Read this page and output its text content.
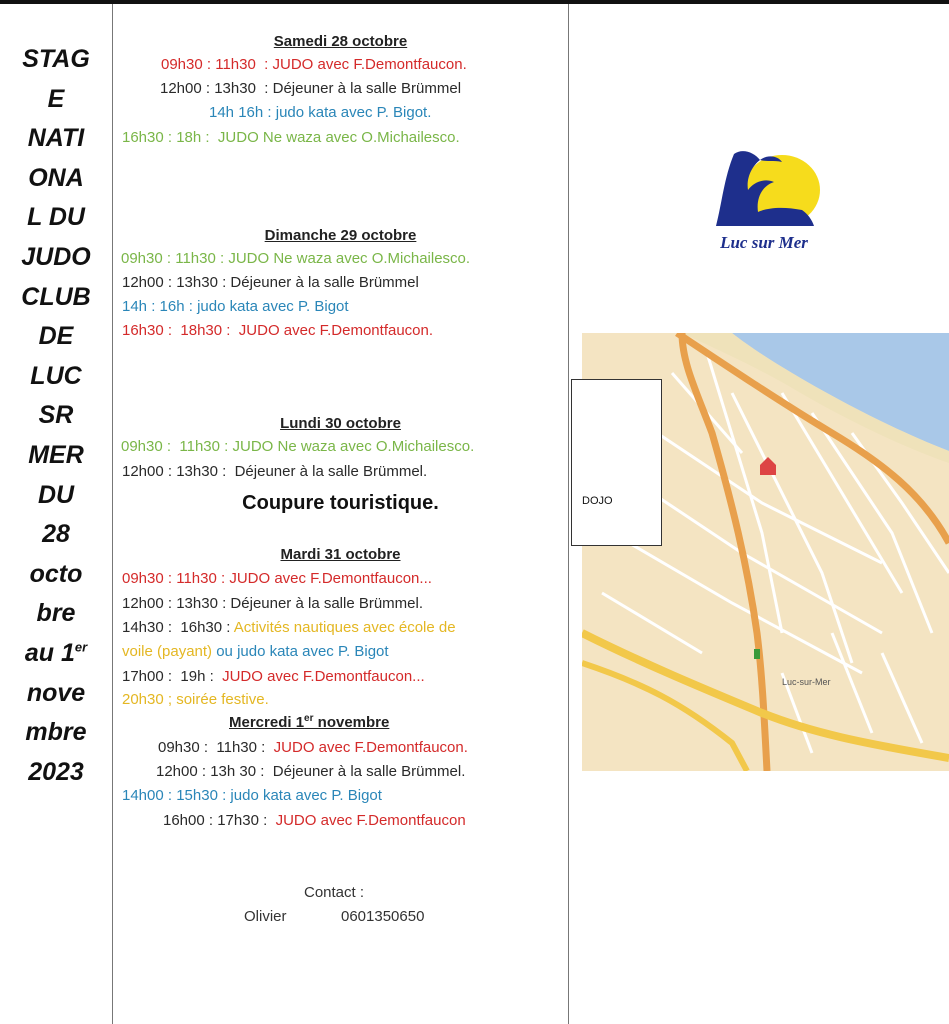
STAG
E
NATI
ONA
L DU
JUDO
CLUB
DE
LUC
SR
MER
DU
28
octo
bre
au 1er
nove
mbre
2023
Samedi 28 octobre
09h30 : 11h30  : JUDO avec F.Demontfaucon.
12h00 : 13h30  : Déjeuner à la salle Brümmel
14h 16h : judo kata avec P. Bigot.
16h30 : 18h :  JUDO Ne waza avec O.Michailesco.
Dimanche 29 octobre
09h30 : 11h30 : JUDO Ne waza avec O.Michailesco.
12h00 : 13h30 : Déjeuner à la salle Brümmel
14h : 16h : judo kata avec P. Bigot
16h30 :  18h30 :  JUDO avec F.Demontfaucon.
Lundi 30 octobre
09h30 :  11h30 : JUDO Ne waza avec O.Michailesco.
12h00 : 13h30 :  Déjeuner à la salle Brümmel.
Coupure touristique.
Mardi 31 octobre
09h30 : 11h30 : JUDO avec F.Demontfaucon...
12h00 : 13h30 : Déjeuner à la salle Brümmel.
14h30 :  16h30 : Activités nautiques avec école de
voile (payant) ou judo kata avec P. Bigot
17h00 :  19h :  JUDO avec F.Demontfaucon...
20h30 ; soirée festive.
Mercredi 1er novembre
09h30 :  11h30 :  JUDO avec F.Demontfaucon.
12h00 : 13h 30 :  Déjeuner à la salle Brümmel.
14h00 : 15h30 : judo kata avec P. Bigot
16h00 : 17h30 :  JUDO avec F.Demontfaucon
Contact :
Olivier	0601350650
Luc sur Mer
Luc-sur-Mer
DOJO
